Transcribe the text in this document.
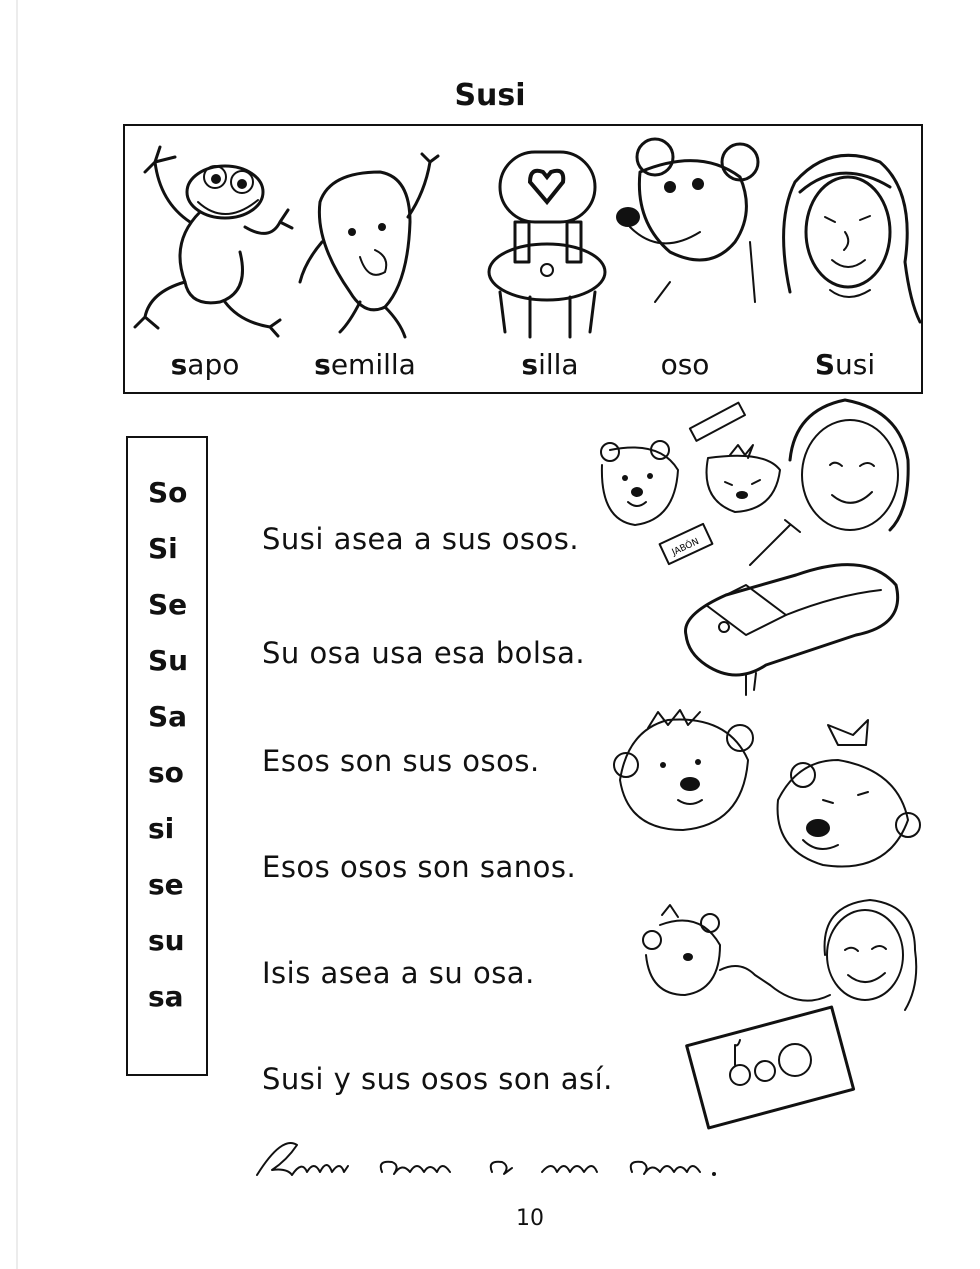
Susi
sapo	semilla	silla	oso	Susi
So
Si
Se
Su
Sa
so
si
se
su
sa
Susi asea a sus osos.
Su osa usa esa bolsa.
Esos son sus osos.
Esos osos son sanos.
Isis asea a su osa.
Susi y sus osos son así.
JABÓN
10
